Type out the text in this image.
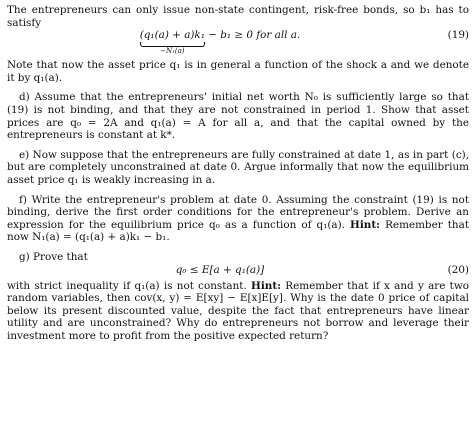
The entrepreneurs can only issue non-state contingent, risk-free bonds, so b₁ has to satisfy

(q₁(a) + a)k₁
−N₁(a)
− b₁ ≥ 0 for all a.	(19)

Note that now the asset price q₁ is in general a function of the shock a and we denote it by q₁(a).

d) Assume that the entrepreneurs' initial net worth N₀ is sufficiently large so that (19) is not binding, and that they are not constrained in period 1. Show that asset prices are q₀ = 2A and q₁(a) = A for all a, and that the capital owned by the entrepreneurs is constant at k*.

e) Now suppose that the entrepreneurs are fully constrained at date 1, as in part (c), but are completely unconstrained at date 0. Argue informally that now the equilibrium asset price q₁ is weakly increasing in a.

f) Write the entrepreneur's problem at date 0. Assuming the constraint (19) is not binding, derive the first order conditions for the entrepreneur's problem. Derive an expression for the equilibrium price q₀ as a function of q₁(a). Hint: Remember that now N₁(a) = (q₁(a) + a)k₁ − b₁.

g) Prove that

q₀ ≤ E[a + q₁(a)]	(20)

with strict inequality if q₁(a) is not constant. Hint: Remember that if x and y are two random variables, then cov(x, y) = E[xy] − E[x]E[y]. Why is the date 0 price of capital below its present discounted value, despite the fact that entrepreneurs have linear utility and are unconstrained? Why do entrepreneurs not borrow and leverage their investment more to profit from the positive expected return?
